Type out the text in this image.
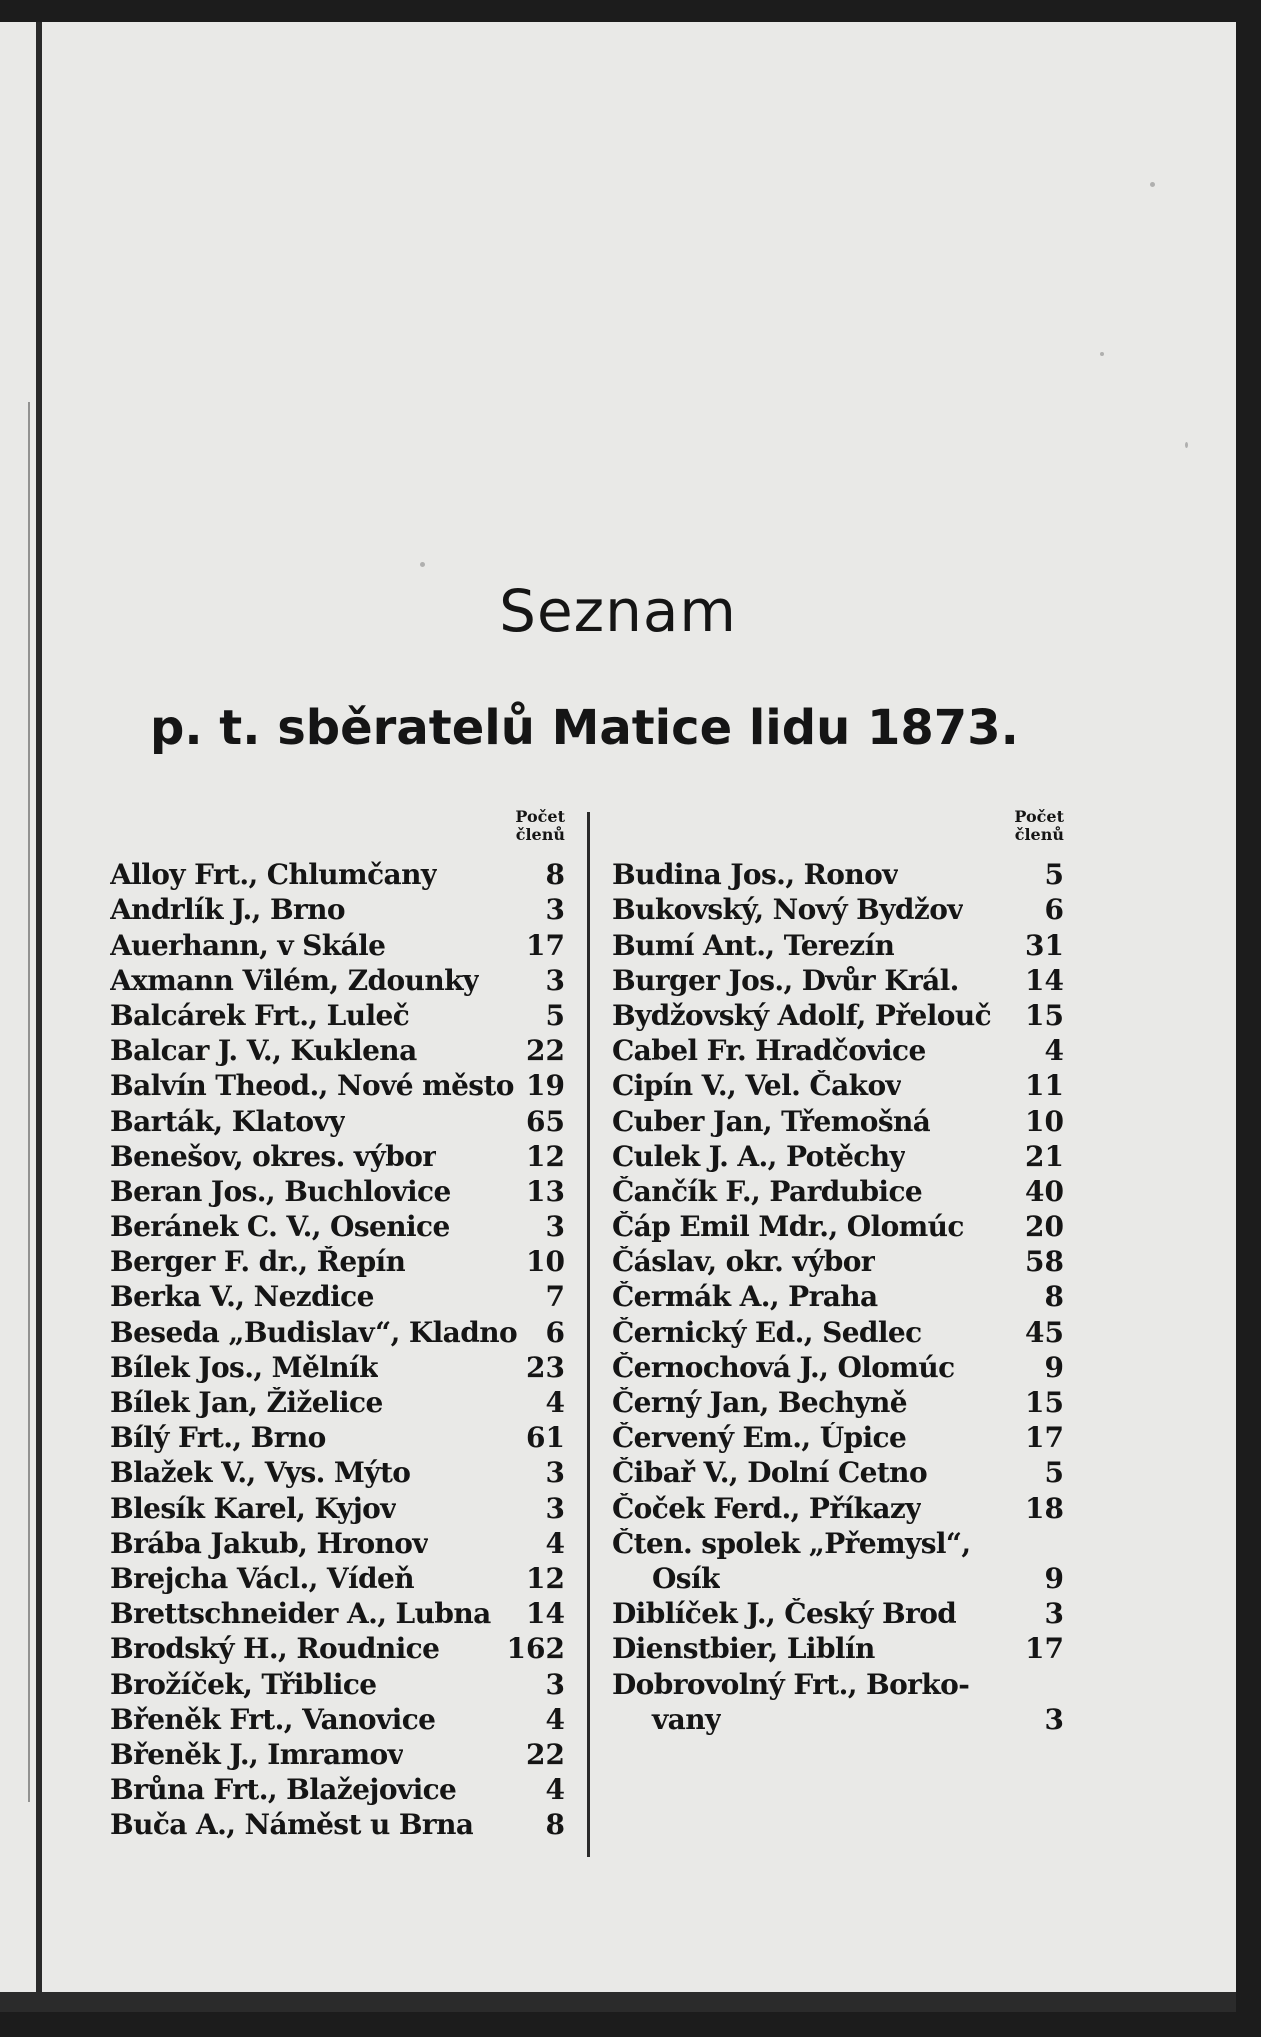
Seznam
p. t. sběratelů Matice lidu 1873.
Počet
členů
Alloy Frt., Chlumčany	8
Andrlík J., Brno	3
Auerhann, v Skále	17
Axmann Vilém, Zdounky 3
Balcárek Frt., Luleč	5
Balcar J. V., Kuklena	22
Balvín Theod., Nové město 19
Barták, Klatovy	65
Benešov, okres. výbor	12
Beran Jos., Buchlovice	13
Beránek C. V., Osenice	3
Berger F. dr., Řepín	10
Berka V., Nezdice	7
Beseda „Budislav“, Kladno 6
Bílek Jos., Mělník	23
Bílek Jan, Žiželice	4
Bílý Frt., Brno	61
Blažek V., Vys. Mýto	3
Blesík Karel, Kyjov	3
Brába Jakub, Hronov	4
Brejcha Václ., Vídeň	12
Brettschneider A., Lubna 14
Brodský H., Roudnice 162
Brožíček, Třiblice	3
Břeněk Frt., Vanovice	4
Břeněk J., Imramov	22
Brůna Frt., Blažejovice	4
Buča A., Náměst u Brna	8
Počet
členů
Budina Jos., Ronov	5
Bukovský, Nový Bydžov	6
Bumí Ant., Terezín	31
Burger Jos., Dvůr Král. 14
Bydžovský Adolf, Přelouč 15
Cabel Fr. Hradčovice	4
Cipín V., Vel. Čakov	11
Cuber Jan, Třemošná	10
Culek J. A., Potěchy	21
Čančík F., Pardubice	40
Čáp Emil Mdr., Olomúc 20
Čáslav, okr. výbor	58
Čermák A., Praha	8
Černický Ed., Sedlec	45
Černochová J., Olomúc	9
Černý Jan, Bechyně	15
Červený Em., Úpice	17
Čibař V., Dolní Cetno	5
Čoček Ferd., Příkazy	18
Čten. spolek „Přemysl“,
Osík	9
Diblíček J., Český Brod	3
Dienstbier, Liblín	17
Dobrovolný Frt., Borko-
vany	3
